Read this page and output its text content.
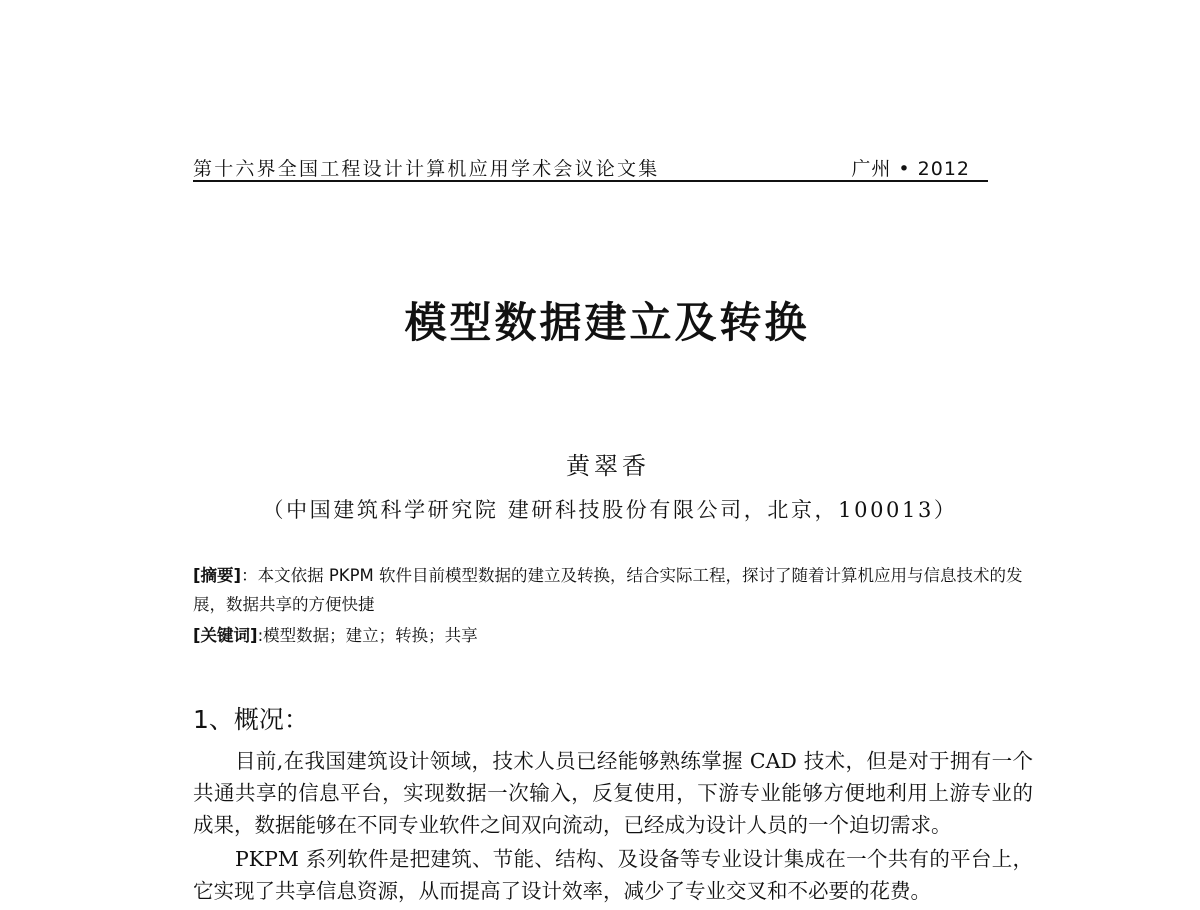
第十六界全国工程设计计算机应用学术会议论文集	广州 • 2012
模型数据建立及转换
黄翠香
（中国建筑科学研究院 建研科技股份有限公司，北京，100013）
[摘要]：本文依据 PKPM 软件目前模型数据的建立及转换，结合实际工程，探讨了随着计算机应用与信息技术的发展，数据共享的方便快捷
[关键词]:模型数据；建立；转换；共享
1、概况：

目前,在我国建筑设计领域，技术人员已经能够熟练掌握 CAD 技术，但是对于拥有一个共通共享的信息平台，实现数据一次输入，反复使用，下游专业能够方便地利用上游专业的成果，数据能够在不同专业软件之间双向流动，已经成为设计人员的一个迫切需求。

PKPM 系列软件是把建筑、节能、结构、及设备等专业设计集成在一个共有的平台上，它实现了共享信息资源，从而提高了设计效率，减少了专业交叉和不必要的花费。
